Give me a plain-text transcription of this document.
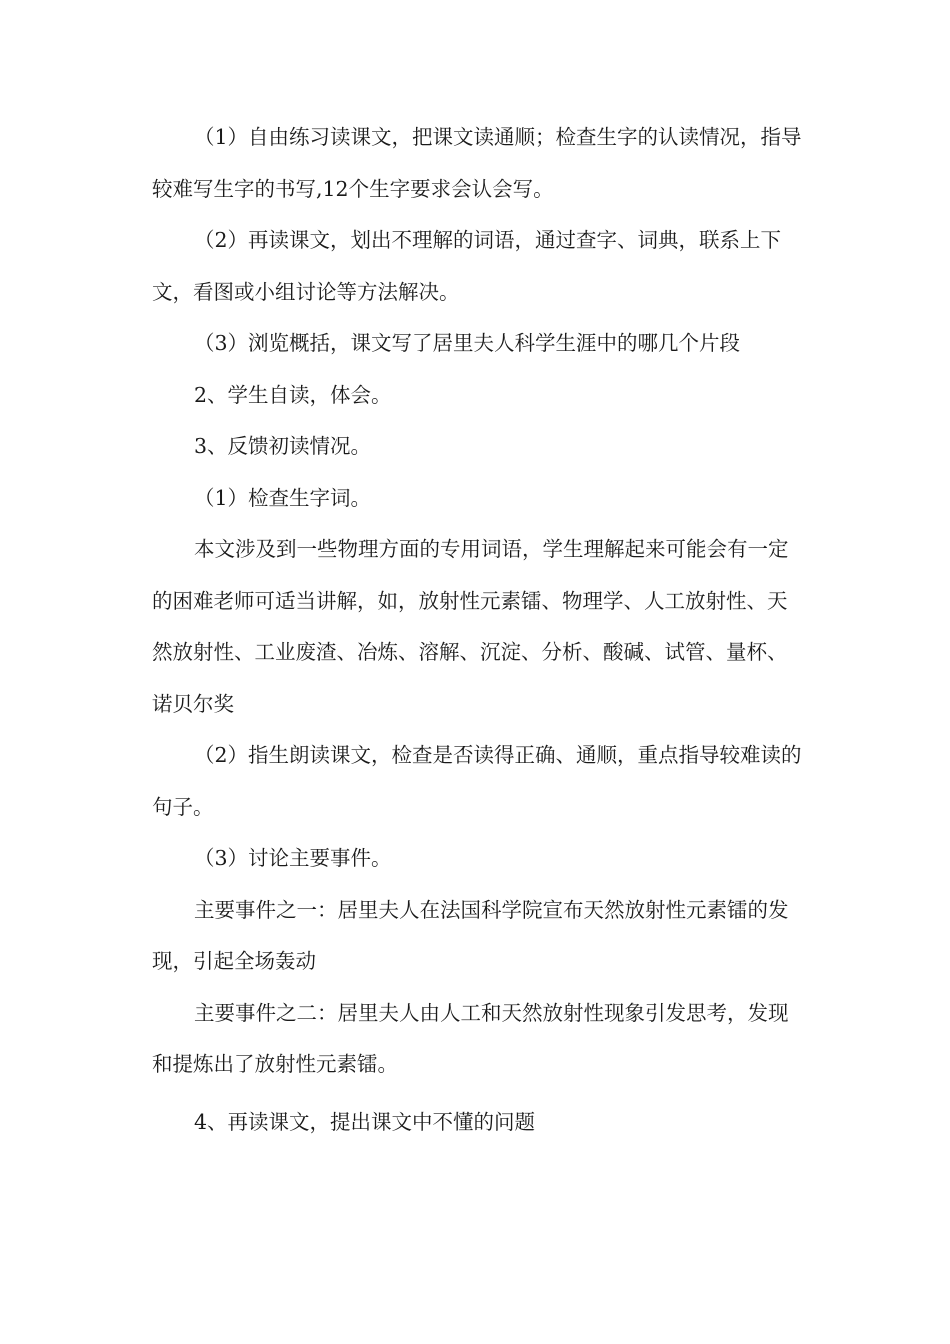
（1）自由练习读课文，把课文读通顺；检查生字的认读情况，指导较难写生字的书写,12个生字要求会认会写。

（2）再读课文，划出不理解的词语，通过查字、词典，联系上下文，看图或小组讨论等方法解决。

（3）浏览概括，课文写了居里夫人科学生涯中的哪几个片段

2、学生自读，体会。

3、反馈初读情况。

（1）检查生字词。

本文涉及到一些物理方面的专用词语，学生理解起来可能会有一定的困难老师可适当讲解，如，放射性元素镭、物理学、人工放射性、天然放射性、工业废渣、冶炼、溶解、沉淀、分析、酸碱、试管、量杯、诺贝尔奖

（2）指生朗读课文，检查是否读得正确、通顺，重点指导较难读的句子。

（3）讨论主要事件。

主要事件之一：居里夫人在法国科学院宣布天然放射性元素镭的发现，引起全场轰动

主要事件之二：居里夫人由人工和天然放射性现象引发思考，发现和提炼出了放射性元素镭。

4、再读课文，提出课文中不懂的问题
